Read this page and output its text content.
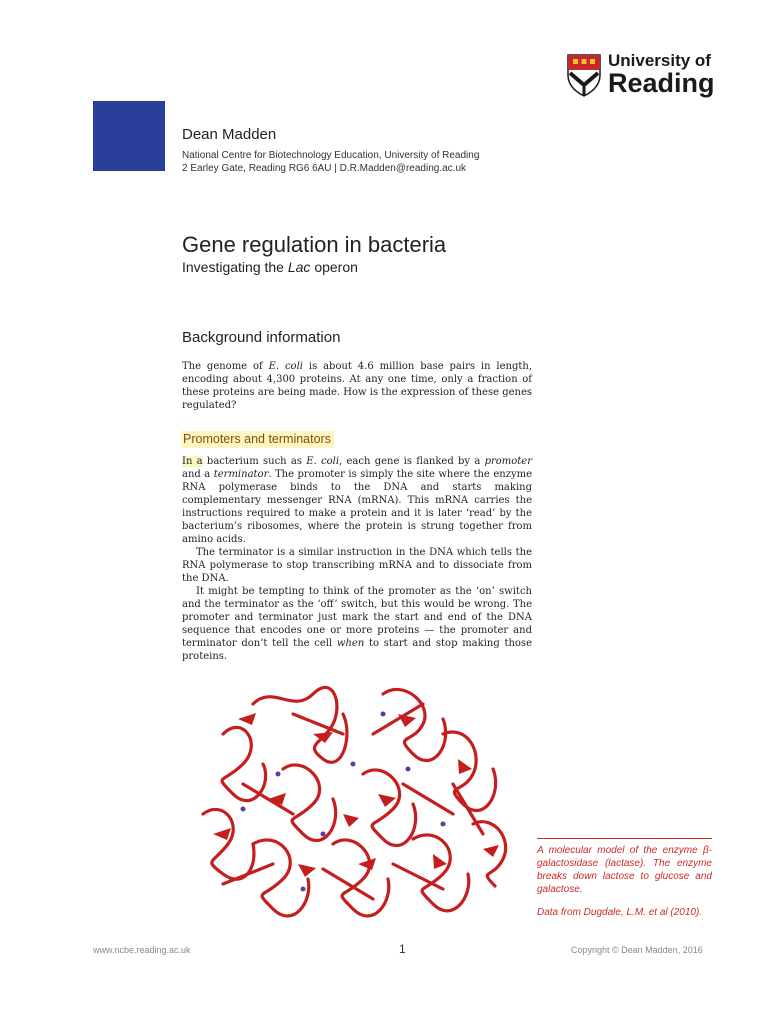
University of
Reading
Dean Madden
National Centre for Biotechnology Education, University of Reading
2 Earley Gate, Reading RG6 6AU | D.R.Madden@reading.ac.uk
Gene regulation in bacteria
Investigating the Lac operon
Background information

The genome of E. coli is about 4.6 million base pairs in length, encoding about 4,300 proteins. At any one time, only a fraction of these proteins are being made. How is the expression of these genes regulated?

Promoters and terminators

In a bacterium such as E. coli, each gene is flanked by a promoter and a terminator. The promoter is simply the site where the enzyme RNA polymerase binds to the DNA and starts making complementary messenger RNA (mRNA). This mRNA carries the instructions required to make a protein and it is later ‘read’ by the bacterium’s ribosomes, where the protein is strung together from amino acids.

The terminator is a similar instruction in the DNA which tells the RNA polymerase to stop transcribing mRNA and to dissociate from the DNA.

It might be tempting to think of the promoter as the ‘on’ switch and the terminator as the ‘off’ switch, but this would be wrong. The promoter and terminator just mark the start and end of the DNA sequence that encodes one or more proteins — the promoter and terminator don’t tell the cell when to start and stop making those proteins.

A molecular model of the enzyme β-galactosidase (lactase). The enzyme breaks down lactose to glucose and galactose.

Data from Dugdale, L.M. et al (2010).

www.ncbe.reading.ac.uk	1	Copyright © Dean Madden, 2016
